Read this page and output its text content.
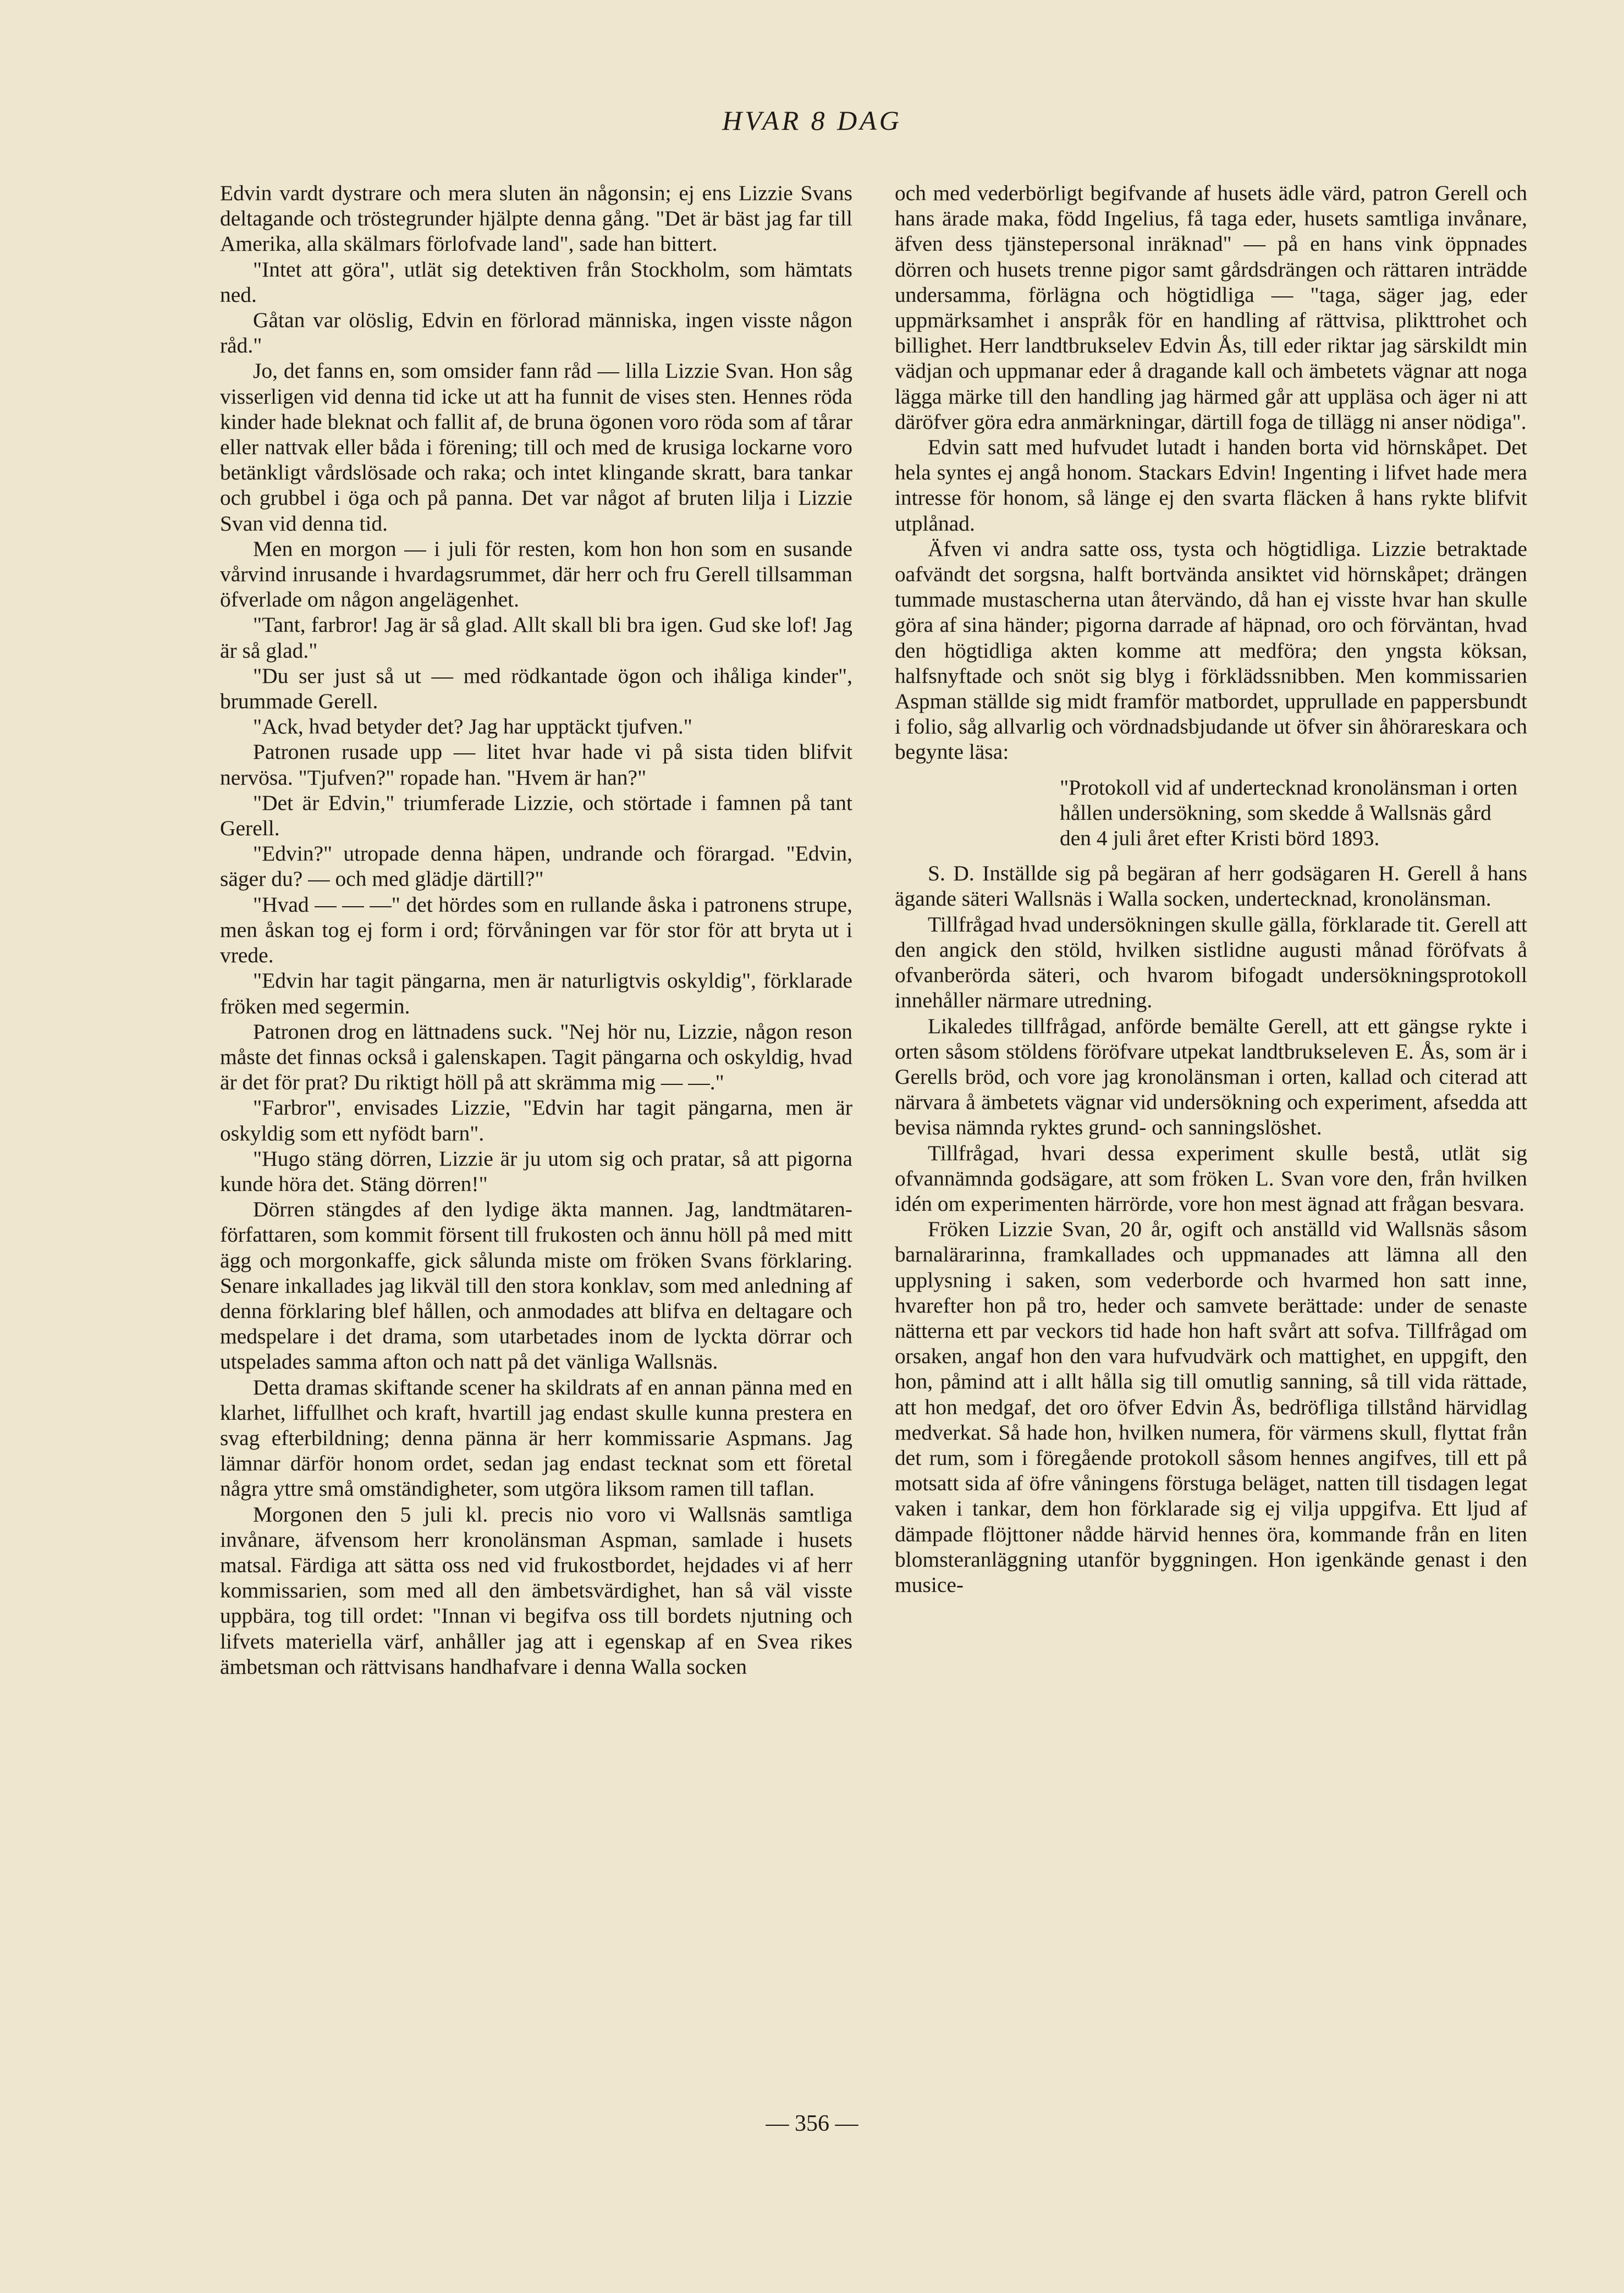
HVAR 8 DAG

Edvin vardt dystrare och mera sluten än någonsin; ej ens Lizzie Svans deltagande och tröstegrunder hjälpte denna gång. "Det är bäst jag far till Amerika, alla skälmars förlofvade land", sade han bittert.

"Intet att göra", utlät sig detektiven från Stockholm, som hämtats ned.

Gåtan var olöslig, Edvin en förlorad människa, ingen visste någon råd."

Jo, det fanns en, som omsider fann råd — lilla Lizzie Svan. Hon såg visserligen vid denna tid icke ut att ha funnit de vises sten. Hennes röda kinder hade bleknat och fallit af, de bruna ögonen voro röda som af tårar eller nattvak eller båda i förening; till och med de krusiga lockarne voro betänkligt vårdslösade och raka; och intet klingande skratt, bara tankar och grubbel i öga och på panna. Det var något af bruten lilja i Lizzie Svan vid denna tid.

Men en morgon — i juli för resten, kom hon hon som en susande vårvind inrusande i hvardagsrummet, där herr och fru Gerell tillsamman öfverlade om någon angelägenhet.

"Tant, farbror! Jag är så glad. Allt skall bli bra igen. Gud ske lof! Jag är så glad."

"Du ser just så ut — med rödkantade ögon och ihåliga kinder", brummade Gerell.

"Ack, hvad betyder det? Jag har upptäckt tjufven."

Patronen rusade upp — litet hvar hade vi på sista tiden blifvit nervösa. "Tjufven?" ropade han. "Hvem är han?"

"Det är Edvin," triumferade Lizzie, och störtade i famnen på tant Gerell.

"Edvin?" utropade denna häpen, undrande och förargad. "Edvin, säger du? — och med glädje därtill?"

"Hvad — — —" det hördes som en rullande åska i patronens strupe, men åskan tog ej form i ord; förvåningen var för stor för att bryta ut i vrede.

"Edvin har tagit pängarna, men är naturligtvis oskyldig", förklarade fröken med segermin.

Patronen drog en lättnadens suck. "Nej hör nu, Lizzie, någon reson måste det finnas också i galenskapen. Tagit pängarna och oskyldig, hvad är det för prat? Du riktigt höll på att skrämma mig — —."

"Farbror", envisades Lizzie, "Edvin har tagit pängarna, men är oskyldig som ett nyfödt barn".

"Hugo stäng dörren, Lizzie är ju utom sig och pratar, så att pigorna kunde höra det. Stäng dörren!"

Dörren stängdes af den lydige äkta mannen. Jag, landtmätaren-författaren, som kommit försent till frukosten och ännu höll på med mitt ägg och morgonkaffe, gick sålunda miste om fröken Svans förklaring. Senare inkallades jag likväl till den stora konklav, som med anledning af denna förklaring blef hållen, och anmodades att blifva en deltagare och medspelare i det drama, som utarbetades inom de lyckta dörrar och utspelades samma afton och natt på det vänliga Wallsnäs.

Detta dramas skiftande scener ha skildrats af en annan pänna med en klarhet, liffullhet och kraft, hvartill jag endast skulle kunna prestera en svag efterbildning; denna pänna är herr kommissarie Aspmans. Jag lämnar därför honom ordet, sedan jag endast tecknat som ett företal några yttre små omständigheter, som utgöra liksom ramen till taflan.

Morgonen den 5 juli kl. precis nio voro vi Wallsnäs samtliga invånare, äfvensom herr kronolänsman Aspman, samlade i husets matsal. Färdiga att sätta oss ned vid frukostbordet, hejdades vi af herr kommissarien, som med all den ämbetsvärdighet, han så väl visste uppbära, tog till ordet: "Innan vi begifva oss till bordets njutning och lifvets materiella värf, anhåller jag att i egenskap af en Svea rikes ämbetsman och rättvisans handhafvare i denna Walla socken

och med vederbörligt begifvande af husets ädle värd, patron Gerell och hans ärade maka, född Ingelius, få taga eder, husets samtliga invånare, äfven dess tjänstepersonal inräknad" — på en hans vink öppnades dörren och husets trenne pigor samt gårdsdrängen och rättaren inträdde undersamma, förlägna och högtidliga — "taga, säger jag, eder uppmärksamhet i anspråk för en handling af rättvisa, plikttrohet och billighet. Herr landtbrukselev Edvin Ås, till eder riktar jag särskildt min vädjan och uppmanar eder å dragande kall och ämbetets vägnar att noga lägga märke till den handling jag härmed går att uppläsa och äger ni att däröfver göra edra anmärkningar, därtill foga de tillägg ni anser nödiga".

Edvin satt med hufvudet lutadt i handen borta vid hörnskåpet. Det hela syntes ej angå honom. Stackars Edvin! Ingenting i lifvet hade mera intresse för honom, så länge ej den svarta fläcken å hans rykte blifvit utplånad.

Äfven vi andra satte oss, tysta och högtidliga. Lizzie betraktade oafvändt det sorgsna, halft bortvända ansiktet vid hörnskåpet; drängen tummade mustascherna utan återvändo, då han ej visste hvar han skulle göra af sina händer; pigorna darrade af häpnad, oro och förväntan, hvad den högtidliga akten komme att medföra; den yngsta köksan, halfsnyftade och snöt sig blyg i förklädssnibben. Men kommissarien Aspman ställde sig midt framför matbordet, upprullade en pappersbundt i folio, såg allvarlig och vördnadsbjudande ut öfver sin åhörareskara och begynte läsa:

"Protokoll vid af undertecknad kronolänsman i orten hållen undersökning, som skedde å Wallsnäs gård den 4 juli året efter Kristi börd 1893.

S. D. Inställde sig på begäran af herr godsägaren H. Gerell å hans ägande säteri Wallsnäs i Walla socken, undertecknad, kronolänsman.

Tillfrågad hvad undersökningen skulle gälla, förklarade tit. Gerell att den angick den stöld, hvilken sistlidne augusti månad föröfvats å ofvanberörda säteri, och hvarom bifogadt undersökningsprotokoll innehåller närmare utredning.

Likaledes tillfrågad, anförde bemälte Gerell, att ett gängse rykte i orten såsom stöldens föröfvare utpekat landtbrukseleven E. Ås, som är i Gerells bröd, och vore jag kronolänsman i orten, kallad och citerad att närvara å ämbetets vägnar vid undersökning och experiment, afsedda att bevisa nämnda ryktes grund- och sanningslöshet.

Tillfrågad, hvari dessa experiment skulle bestå, utlät sig ofvannämnda godsägare, att som fröken L. Svan vore den, från hvilken idén om experimenten härrörde, vore hon mest ägnad att frågan besvara.

Fröken Lizzie Svan, 20 år, ogift och anställd vid Wallsnäs såsom barnalärarinna, framkallades och uppmanades att lämna all den upplysning i saken, som vederborde och hvarmed hon satt inne, hvarefter hon på tro, heder och samvete berättade: under de senaste nätterna ett par veckors tid hade hon haft svårt att sofva. Tillfrågad om orsaken, angaf hon den vara hufvudvärk och mattighet, en uppgift, den hon, påmind att i allt hålla sig till omutlig sanning, så till vida rättade, att hon medgaf, det oro öfver Edvin Ås, bedröfliga tillstånd härvidlag medverkat. Så hade hon, hvilken numera, för värmens skull, flyttat från det rum, som i föregående protokoll såsom hennes angifves, till ett på motsatt sida af öfre våningens förstuga beläget, natten till tisdagen legat vaken i tankar, dem hon förklarade sig ej vilja uppgifva. Ett ljud af dämpade flöjttoner nådde härvid hennes öra, kommande från en liten blomsteranläggning utanför byggningen. Hon igenkände genast i den musice-

— 356 —
